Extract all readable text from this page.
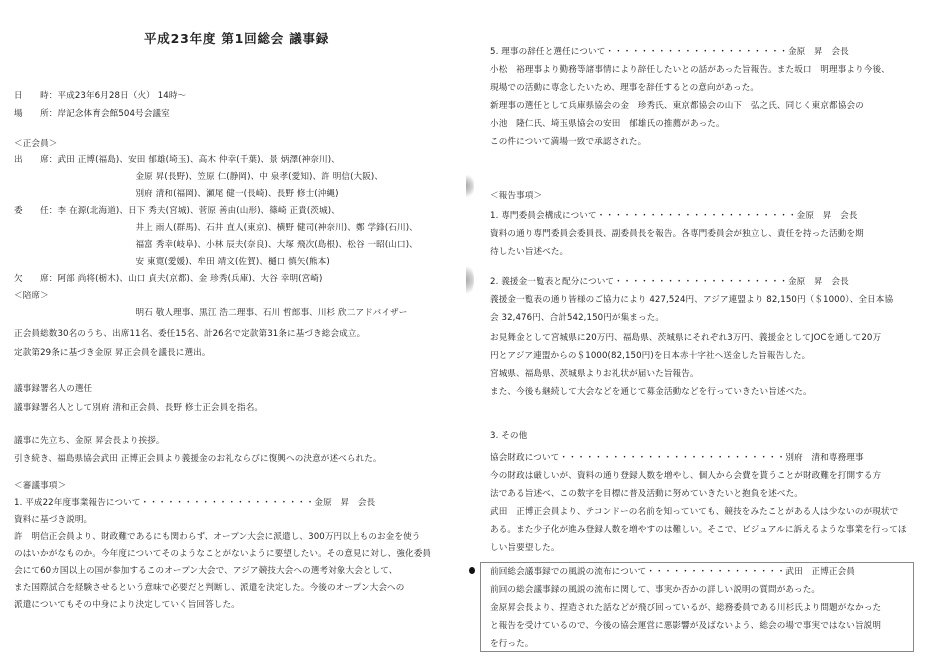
平成23年度 第1回総会 議事録
日　　時：平成23年6月28日（火） 14時〜
場　　所：岸記念体育会館504号会議室
＜正会員＞
出　　席：武田 正博(福島)、安田 郁雄(埼玉)、高木 仲幸(千葉)、景 炳澤(神奈川)、
　　　　　金原 昇(長野)、笠原 仁(静岡)、中 泉孝(愛知)、許 明信(大阪)、
　　　　　別府 清和(福岡)、瀬尾 健一(長崎)、長野 修士(沖縄)
委　　任：李 在源(北海道)、日下 秀夫(宮城)、菅原 善由(山形)、篠崎 正貴(茨城)、
　　　　　井上 雨人(群馬)、石井 直人(東京)、横野 健司(神奈川)、鄭 学鋒(石川)、
　　　　　福富 秀幸(岐阜)、小林 辰夫(奈良)、大塚 飛次(島根)、松谷 一昭(山口)、
　　　　　安 東寛(愛媛)、牟田 靖文(佐賀)、樋口 慎矢(熊本)
欠　　席：阿部 尚将(栃木)、山口 貞夫(京都)、金 珍秀(兵庫)、大谷 幸明(宮崎)
＜陪席＞
　　　　　明石 敬人理事、黒江 浩二理事、石川 哲郎事、川杉 欣二アドバイザー
正会員総数30名のうち、出席11名、委任15名、計26名で定款第31条に基づき総会成立。
定款第29条に基づき金原 昇正会員を議長に選出。
議事録署名人の選任
議事録署名人として別府 清和正会員、長野 修士正会員を指名。
議事に先立ち、金原 昇会長より挨拶。
引き続き、福島県協会武田 正博正会員より義援金のお礼ならびに復興への決意が述べられた。
＜審議事項＞
1. 平成22年度事業報告について・・・・・・・・・・・・・・・・・・・・金原　昇　会長
資料に基づき説明。
許　明信正会員より、財政難であるにも関わらず、オープン大会に派遣し、300万円以上ものお金を使う
のはいかがなものか。今年度についてそのようなことがないように要望したい。その意見に対し、強化委員
会にて60カ国以上の国が参加するこのオープン大会で、アジア競技大会への選考対象大会として、
また国際試合を経験させるという意味で必要だと判断し、派遣を決定した。今後のオープン大会への
派遣についてもその中身により決定していく旨回答した。
5. 理事の辞任と選任について・・・・・・・・・・・・・・・・・・・・・金原　昇　会長
小松　裕理事より勤務等諸事情により辞任したいとの話があった旨報告。また坂口　明理事より今後、
現場での活動に専念したいため、理事を辞任するとの意向があった。
新理事の選任として兵庫県協会の金　珍秀氏、東京都協会の山下　弘之氏、同じく東京都協会の
小池　隆仁氏、埼玉県協会の安田　郁雄氏の推薦があった。
この件について満場一致で承認された。
＜報告事項＞
1. 専門委員会構成について・・・・・・・・・・・・・・・・・・・・・・・金原　昇　会長
資料の通り専門委員会委員長、副委員長を報告。各専門委員会が独立し、責任を持った活動を期
待したい旨述べた。
2. 義援金一覧表と配分について・・・・・・・・・・・・・・・・・・・・金原　昇　会長
義援金一覧表の通り皆様のご協力により 427,524円、アジア連盟より 82,150円（＄1000）、全日本協
会 32,476円、合計542,150円が集まった。
お見舞金として宮城県に20万円、福島県、茨城県にそれぞれ3万円、義援金としてJOCを通して20万
円とアジア連盟からの＄1000(82,150円)を日本赤十字社へ送金した旨報告した。
宮城県、福島県、茨城県よりお礼状が届いた旨報告。
また、今後も継続して大会などを通じて募金活動などを行っていきたい旨述べた。
3. その他
協会財政について・・・・・・・・・・・・・・・・・・・・・・・・・・別府　清和専務理事
今の財政は厳しいが、資料の通り登録人数を増やし、個人から会費を貰うことが財政難を打開する方
法である旨述べ、この数字を目標に普及活動に努めていきたいと抱負を述べた。
武田　正博正会員より、テコンドーの名前を知っていても、競技をみたことがある人は少ないのが現状で
ある。また少子化が進み登録人数を増やすのは難しい。そこで、ビジュアルに訴えるような事業を行ってほ
しい旨要望した。
前回総会議事録での風説の流布について・・・・・・・・・・・・・・・・武田　正博正会員
前回の総会議事録の風説の流布に関して、事実か否かの詳しい説明の質問があった。
金原昇会長より、捏造された話などが飛び回っているが、総務委員である川杉氏より問題がなかった
と報告を受けているので、今後の協会運営に悪影響が及ばないよう、総会の場で事実ではない旨説明
を行った。
